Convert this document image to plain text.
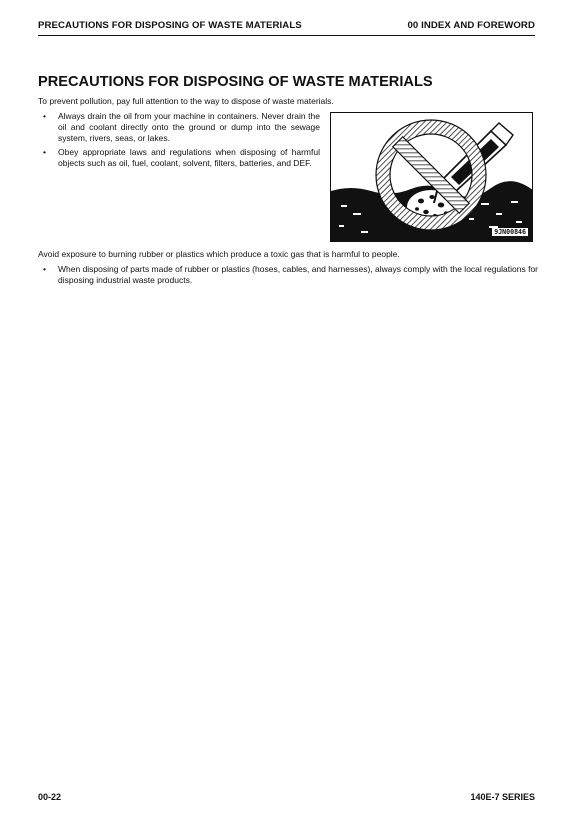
PRECAUTIONS FOR DISPOSING OF WASTE MATERIALS	00 INDEX AND FOREWORD
PRECAUTIONS FOR DISPOSING OF WASTE MATERIALS
To prevent pollution, pay full attention to the way to dispose of waste materials.
• Always drain the oil from your machine in containers. Never drain the oil and coolant directly onto the ground or dump into the sewage system, rivers, seas, or lakes.
• Obey appropriate laws and regulations when disposing of harmful objects such as oil, fuel, coolant, solvent, filters, batteries, and DEF.
9JN00846
Avoid exposure to burning rubber or plastics which produce a toxic gas that is harmful to people.
• When disposing of parts made of rubber or plastics (hoses, cables, and harnesses), always comply with the local regulations for disposing industrial waste products.
00-22	140E-7 SERIES
